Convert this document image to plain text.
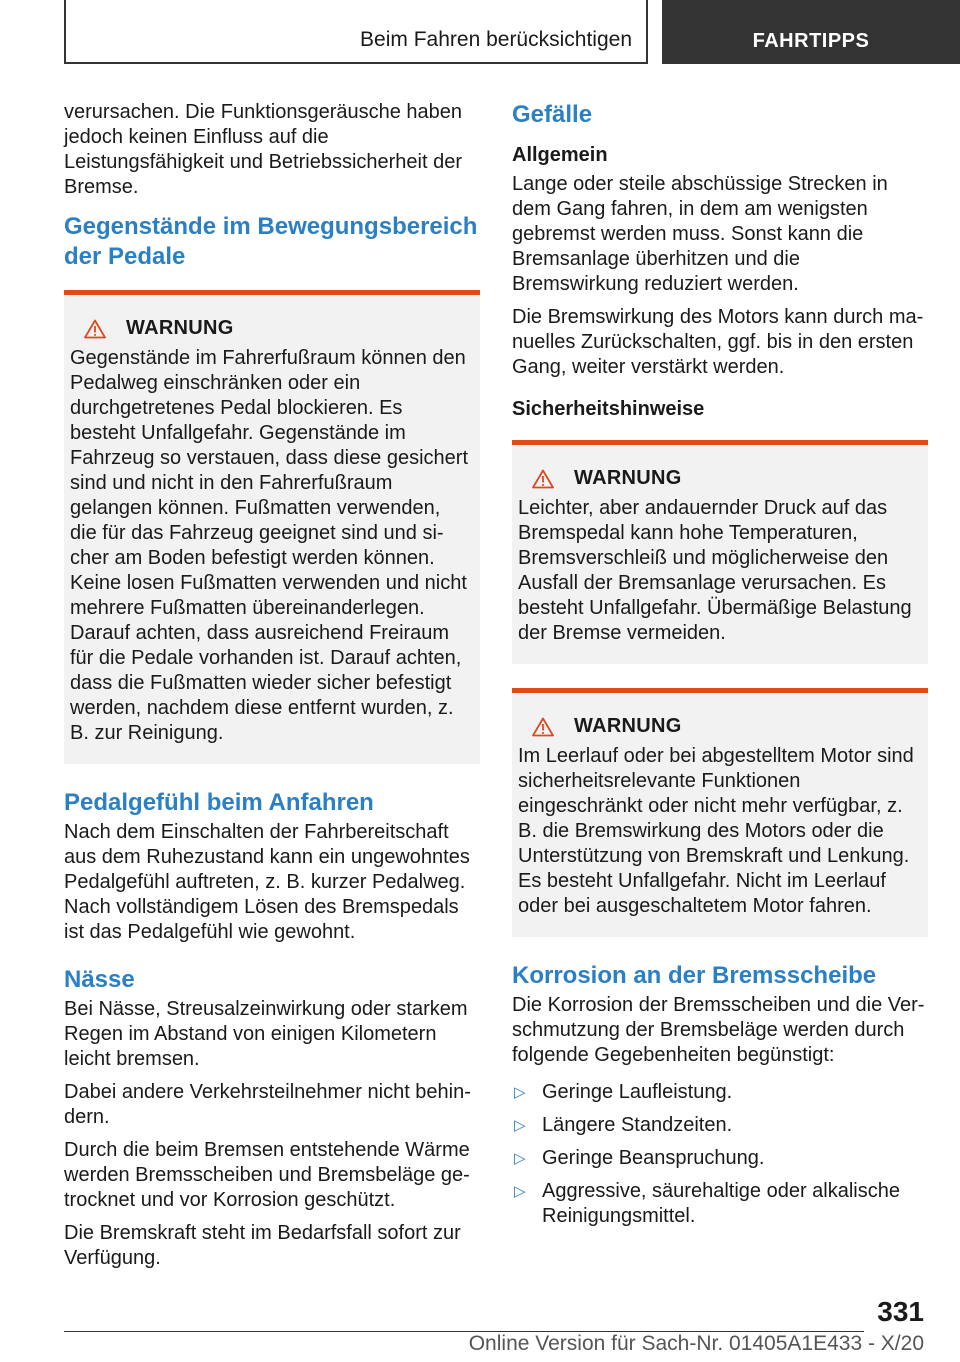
Beim Fahren berücksichtigen	FAHRTIPPS

verursachen. Die Funktionsgeräusche haben jedoch keinen Einfluss auf die Leistungsfähigkeit und Betriebssicherheit der Bremse.

Gegenstände im Bewegungsbereich der Pedale
WARNUNG

Gegenstände im Fahrerfußraum können den Pedalweg einschränken oder ein durchgetretenes Pedal blockieren. Es besteht Unfallgefahr. Gegenstände im Fahrzeug so verstauen, dass diese gesichert sind und nicht in den Fahrerfußraum gelangen können. Fußmatten verwenden, die für das Fahrzeug geeignet sind und sicher am Boden befestigt werden können. Keine losen Fußmatten verwenden und nicht mehrere Fußmatten übereinanderlegen. Darauf achten, dass ausreichend Freiraum für die Pedale vorhanden ist. Darauf achten, dass die Fußmatten wieder sicher befestigt werden, nachdem diese entfernt wurden, z. B. zur Reinigung.

Pedalgefühl beim Anfahren

Nach dem Einschalten der Fahrbereitschaft aus dem Ruhezustand kann ein ungewohntes Pedalgefühl auftreten, z. B. kurzer Pedalweg. Nach vollständigem Lösen des Bremspedals ist das Pedalgefühl wie gewohnt.

Nässe

Bei Nässe, Streusalzeinwirkung oder starkem Regen im Abstand von einigen Kilometern leicht bremsen.

Dabei andere Verkehrsteilnehmer nicht behindern.

Durch die beim Bremsen entstehende Wärme werden Bremsscheiben und Bremsbeläge getrocknet und vor Korrosion geschützt.

Die Bremskraft steht im Bedarfsfall sofort zur Verfügung.

Gefälle
Allgemein

Lange oder steile abschüssige Strecken in dem Gang fahren, in dem am wenigsten gebremst werden muss. Sonst kann die Bremsanlage überhitzen und die Bremswirkung reduziert werden.

Die Bremswirkung des Motors kann durch manuelles Zurückschalten, ggf. bis in den ersten Gang, weiter verstärkt werden.

Sicherheitshinweise
WARNUNG

Leichter, aber andauernder Druck auf das Bremspedal kann hohe Temperaturen, Bremsverschleiß und möglicherweise den Ausfall der Bremsanlage verursachen. Es besteht Unfallgefahr. Übermäßige Belastung der Bremse vermeiden.

WARNUNG

Im Leerlauf oder bei abgestelltem Motor sind sicherheitsrelevante Funktionen eingeschränkt oder nicht mehr verfügbar, z. B. die Bremswirkung des Motors oder die Unterstützung von Bremskraft und Lenkung. Es besteht Unfallgefahr. Nicht im Leerlauf oder bei ausgeschaltetem Motor fahren.

Korrosion an der Bremsscheibe

Die Korrosion der Bremsscheiben und die Verschmutzung der Bremsbeläge werden durch folgende Gegebenheiten begünstigt:

▷ Geringe Laufleistung.
▷ Längere Standzeiten.
▷ Geringe Beanspruchung.
▷ Aggressive, säurehaltige oder alkalische Reinigungsmittel.
331
Online Version für Sach-Nr. 01405A1E433 - X/20
